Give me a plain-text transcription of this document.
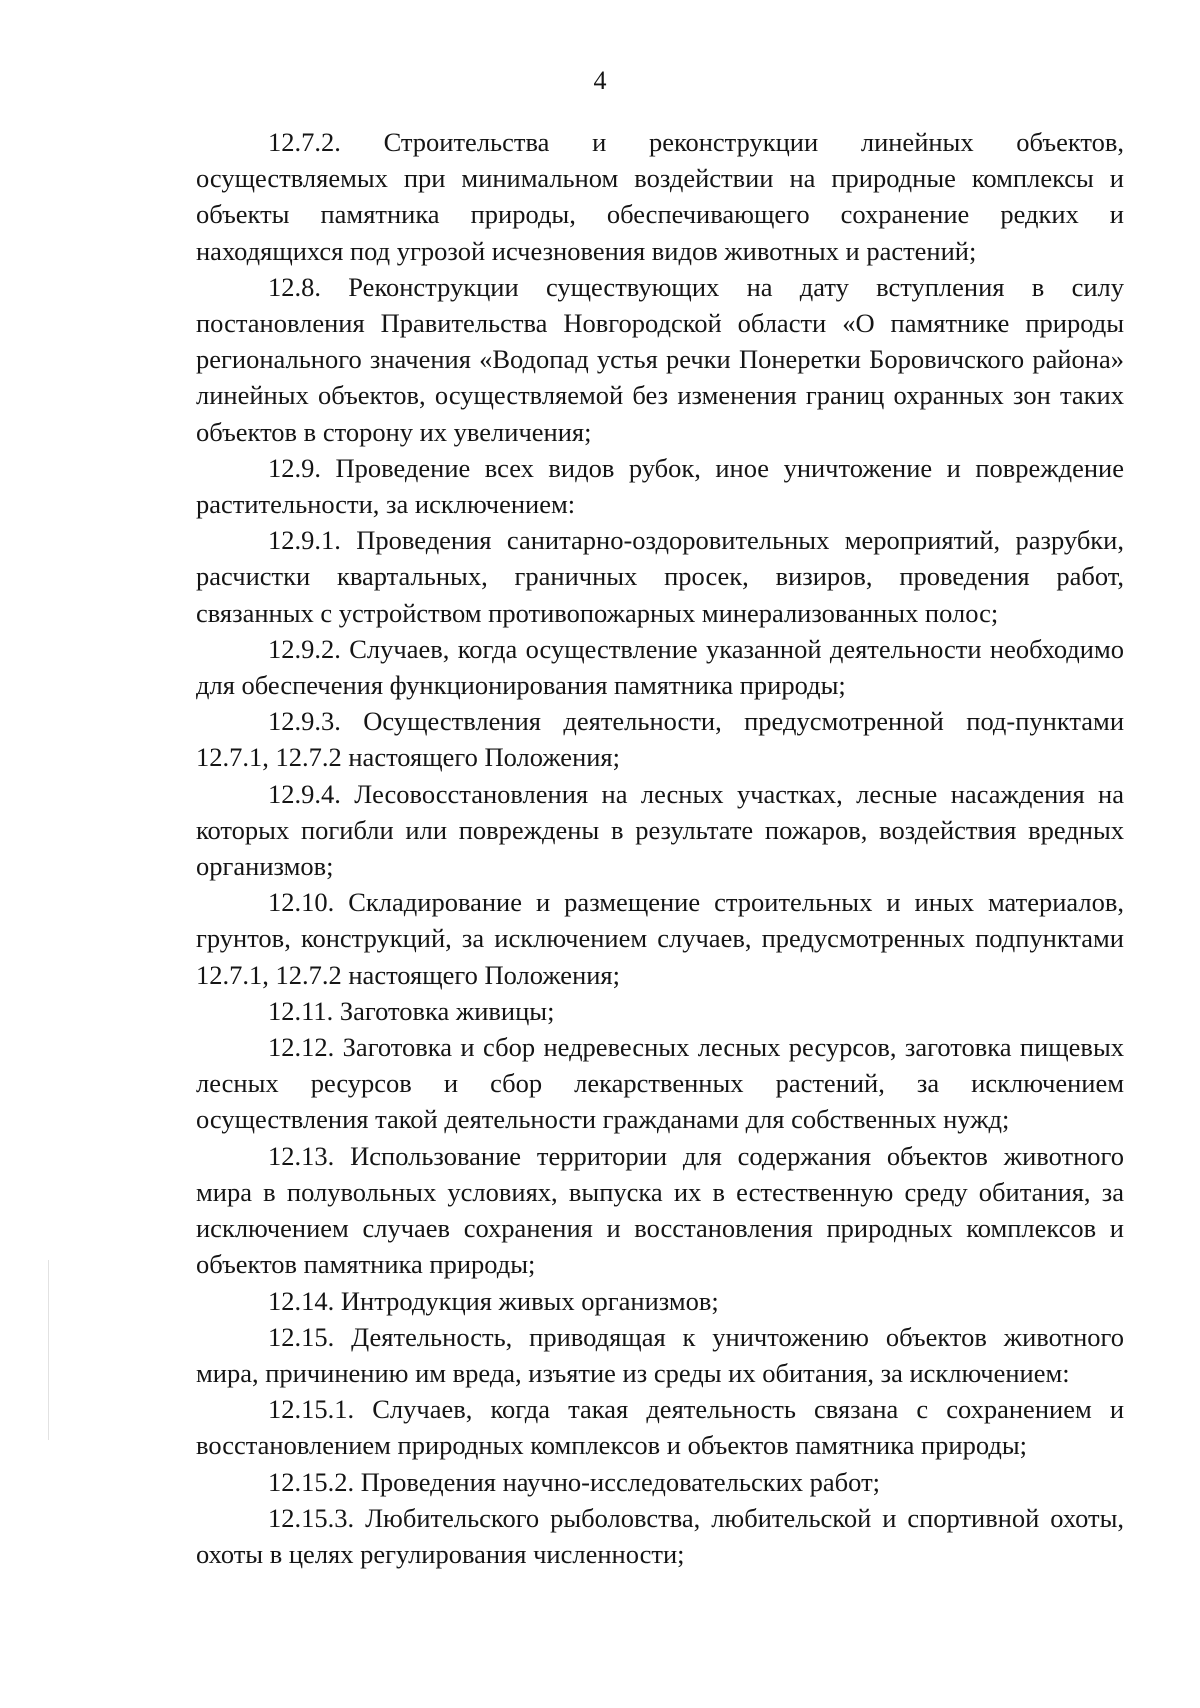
4

12.7.2. Строительства и реконструкции линейных объектов, осуществляемых при минимальном воздействии на природные комплексы и объекты памятника природы, обеспечивающего сохранение редких и находящихся под угрозой исчезновения видов животных и растений;

12.8. Реконструкции существующих на дату вступления в силу постановления Правительства Новгородской области «О памятнике природы регионального значения «Водопад устья речки Понеретки Боровичского района» линейных объектов, осуществляемой без изменения границ охранных зон таких объектов в сторону их увеличения;

12.9. Проведение всех видов рубок, иное уничтожение и повреждение растительности, за исключением:

12.9.1. Проведения санитарно-оздоровительных мероприятий, разрубки, расчистки квартальных, граничных просек, визиров, проведения работ, связанных с устройством противопожарных минерализованных полос;

12.9.2. Случаев, когда осуществление указанной деятельности необходимо для обеспечения функционирования памятника природы;

12.9.3. Осуществления деятельности, предусмотренной под-пунктами 12.7.1, 12.7.2 настоящего Положения;

12.9.4. Лесовосстановления на лесных участках, лесные насаждения на которых погибли или повреждены в результате пожаров, воздействия вредных организмов;

12.10. Складирование и размещение строительных и иных материалов, грунтов, конструкций, за исключением случаев, предусмотренных подпунктами 12.7.1, 12.7.2 настоящего Положения;

12.11. Заготовка живицы;

12.12. Заготовка и сбор недревесных лесных ресурсов, заготовка пищевых лесных ресурсов и сбор лекарственных растений, за исключением осуществления такой деятельности гражданами для собственных нужд;

12.13. Использование территории для содержания объектов животного мира в полувольных условиях, выпуска их в естественную среду обитания, за исключением случаев сохранения и восстановления природных комплексов и объектов памятника природы;

12.14. Интродукция живых организмов;

12.15. Деятельность, приводящая к уничтожению объектов животного мира, причинению им вреда, изъятие из среды их обитания, за исключением:

12.15.1. Случаев, когда такая деятельность связана с сохранением и восстановлением природных комплексов и объектов памятника природы;

12.15.2. Проведения научно-исследовательских работ;

12.15.3. Любительского рыболовства, любительской и спортивной охоты, охоты в целях регулирования численности;
